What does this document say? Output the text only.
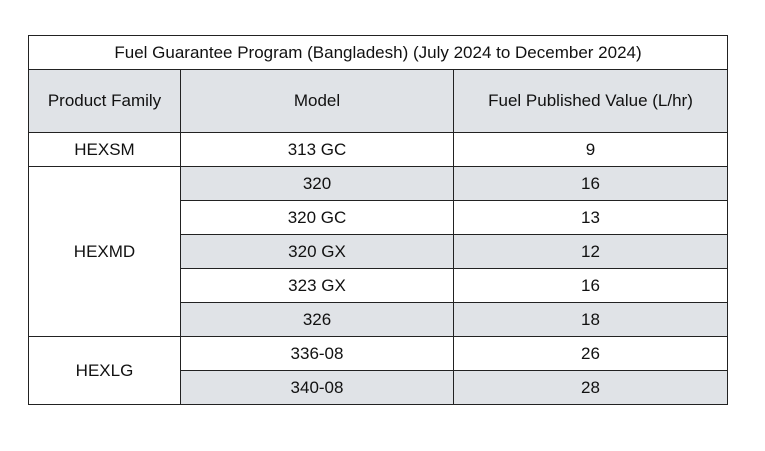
Fuel Guarantee Program (Bangladesh) (July 2024 to December 2024)		
Product Family	Model	Fuel Published Value (L/hr)
HEXSM	313 GC	9
HEXMD	320	16
	320 GC	13
	320 GX	12
	323 GX	16
	326	18
HEXLG	336-08	26
	340-08	28
